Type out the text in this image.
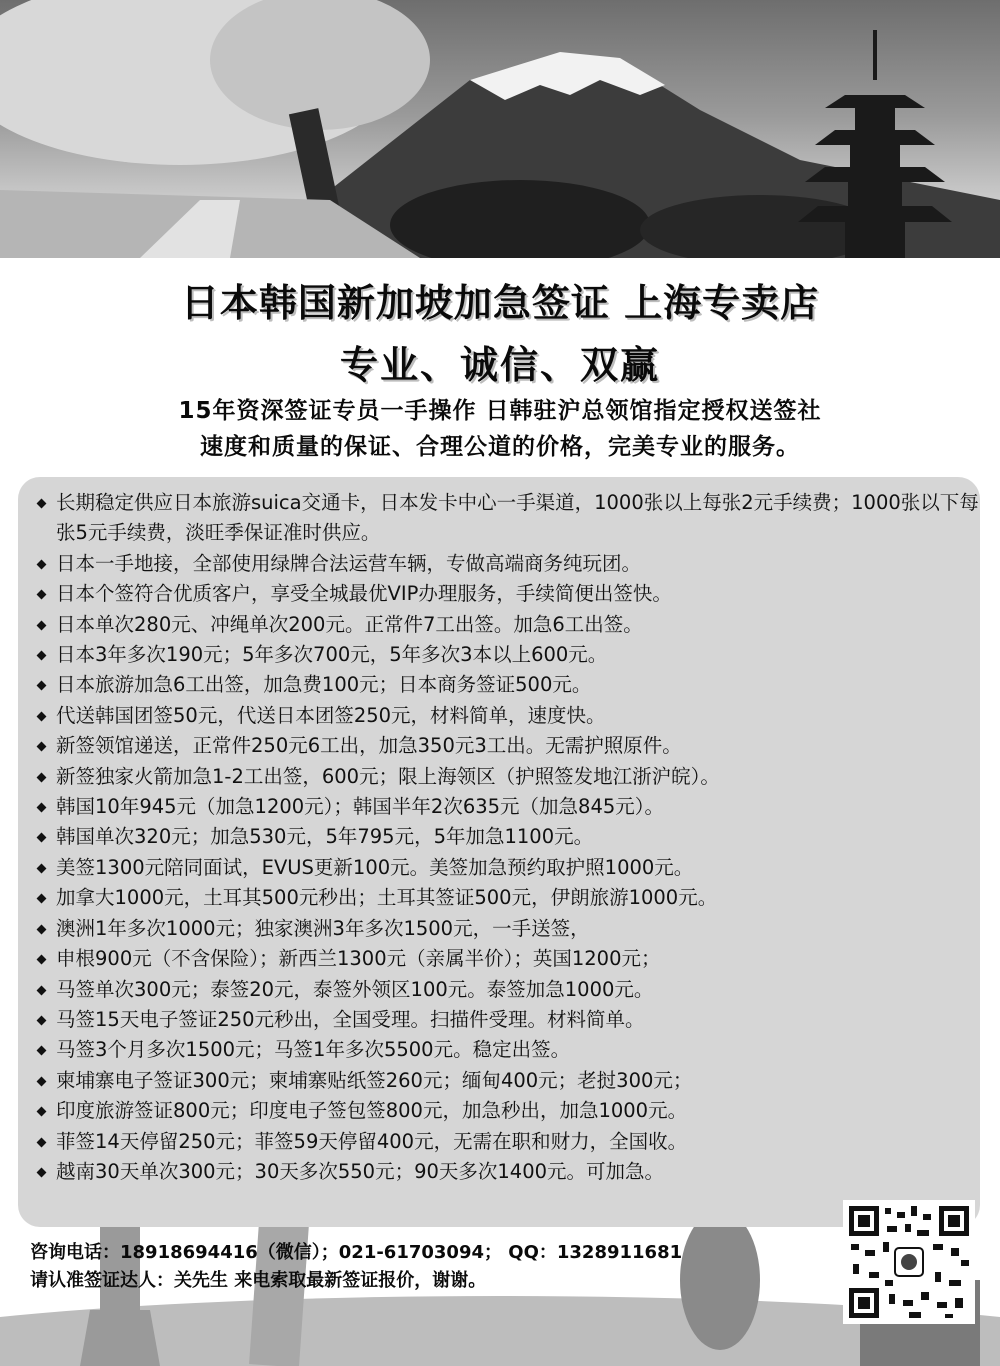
日本韩国新加坡加急签证 上海专卖店
专业、诚信、双赢
15年资深签证专员一手操作 日韩驻沪总领馆指定授权送签社
速度和质量的保证、合理公道的价格，完美专业的服务。
长期稳定供应日本旅游suica交通卡，日本发卡中心一手渠道，1000张以上每张2元手续费；1000张以下每张5元手续费，淡旺季保证准时供应。
日本一手地接，全部使用绿牌合法运营车辆，专做高端商务纯玩团。
日本个签符合优质客户，享受全城最优VIP办理服务，手续简便出签快。
日本单次280元、冲绳单次200元。正常件7工出签。加急6工出签。
日本3年多次190元；5年多次700元，5年多次3本以上600元。
日本旅游加急6工出签，加急费100元；日本商务签证500元。
代送韩国团签50元，代送日本团签250元，材料简单，速度快。
新签领馆递送，正常件250元6工出，加急350元3工出。无需护照原件。
新签独家火箭加急1-2工出签，600元；限上海领区（护照签发地江浙沪皖）。
韩国10年945元（加急1200元）；韩国半年2次635元（加急845元）。
韩国单次320元；加急530元，5年795元，5年加急1100元。
美签1300元陪同面试，EVUS更新100元。美签加急预约取护照1000元。
加拿大1000元，土耳其500元秒出；土耳其签证500元，伊朗旅游1000元。
澳洲1年多次1000元；独家澳洲3年多次1500元，一手送签，
申根900元（不含保险）；新西兰1300元（亲属半价）；英国1200元；
马签单次300元；泰签20元，泰签外领区100元。泰签加急1000元。
马签15天电子签证250元秒出，全国受理。扫描件受理。材料简单。
马签3个月多次1500元；马签1年多次5500元。稳定出签。
柬埔寨电子签证300元；柬埔寨贴纸签260元；缅甸400元；老挝300元；
印度旅游签证800元；印度电子签包签800元，加急秒出，加急1000元。
菲签14天停留250元；菲签59天停留400元，无需在职和财力，全国收。
越南30天单次300元；30天多次550元；90天多次1400元。可加急。
咨询电话：18918694416（微信）；021-61703094； QQ：1328911681
请认准签证达人：关先生 来电索取最新签证报价，谢谢。
